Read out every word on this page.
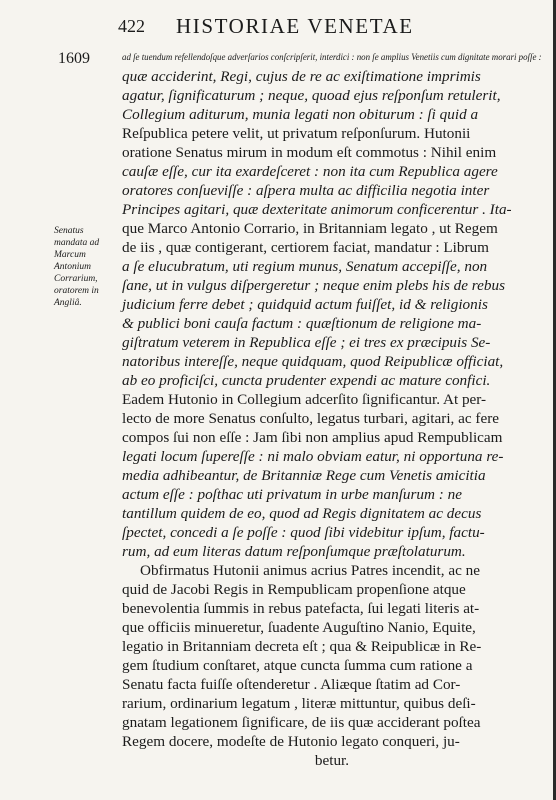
422 HISTORIAE VENETAE
1609
Senatus
mandata ad
Marcum
Antonium
Corrarium,
oratorem in
Angliâ.
ad ſe tuendum refellendoſque adverſarios conſcripſerit, interdici : non ſe amplius Venetiis cum dignitate morari poſſe :
quæ acciderint, Regi, cujus de re ac exiſtimatione imprimis
agatur, ſignificaturum ; neque, quoad ejus reſponſum retulerit,
Collegium aditurum, munia legati non obiturum : ſi quid a
Reſpublica petere velit, ut privatum reſponſurum. Hutonii
oratione Senatus mirum in modum eſt commotus : Nihil enim
cauſæ eſſe, cur ita exardeſceret : non ita cum Republica agere
oratores conſueviſſe : aſpera multa ac difficilia negotia inter
Principes agitari, quæ dexteritate animorum conficerentur . Ita-
que Marco Antonio Corrario, in Britanniam legato , ut Regem
de iis , quæ contigerant, certiorem faciat, mandatur : Librum
a ſe elucubratum, uti regium munus, Senatum accepiſſe, non
ſane, ut in vulgus diſpergeretur ; neque enim plebs his de rebus
judicium ferre debet ; quidquid actum fuiſſet, id & religionis
& publici boni cauſa factum : quæſtionum de religione ma-
giſtratum veterem in Republica eſſe ; ei tres ex præcipuis Se-
natoribus intereſſe, neque quidquam, quod Reipublicæ officiat,
ab eo proficiſci, cuncta prudenter expendi ac mature confici.
Eadem Hutonio in Collegium adcerſito ſignificantur. At per-
lecto de more Senatus conſulto, legatus turbari, agitari, ac fere
compos ſui non eſſe : Jam ſibi non amplius apud Rempublicam
legati locum ſupereſſe : ni malo obviam eatur, ni opportuna re-
media adhibeantur, de Britanniæ Rege cum Venetis amicitia
actum eſſe : poſthac uti privatum in urbe manſurum : ne
tantillum quidem de eo, quod ad Regis dignitatem ac decus
ſpectet, concedi a ſe poſſe : quod ſibi videbitur ipſum, factu-
rum, ad eum literas datum reſponſumque præſtolaturum.
Obfirmatus Hutonii animus acrius Patres incendit, ac ne
quid de Jacobi Regis in Rempublicam propenſione atque
benevolentia ſummis in rebus patefacta, ſui legati literis at-
que officiis minueretur, ſuadente Auguſtino Nanio, Equite,
legatio in Britanniam decreta eſt ; qua & Reipublicæ in Re-
gem ſtudium conſtaret, atque cuncta ſumma cum ratione a
Senatu facta fuiſſe oſtenderetur . Aliæque ſtatim ad Cor-
rarium, ordinarium legatum , literæ mittuntur, quibus deſi-
gnatam legationem ſignificare, de iis quæ acciderant poſtea
Regem docere, modeſte de Hutonio legato conqueri, ju-
betur.
